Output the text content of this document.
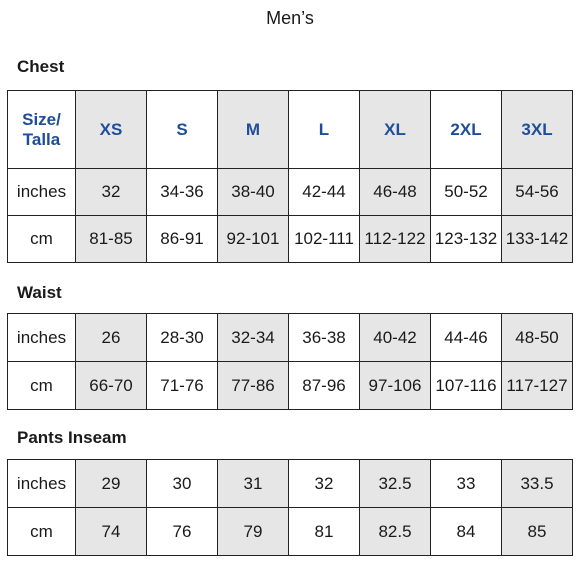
Men’s
Chest
Size/
Talla	XS	S	M	L	XL	2XL	3XL
inches	32	34-36	38-40	42-44	46-48	50-52	54-56
cm	81-85	86-91	92-101	102-111	112-122	123-132	133-142
Waist
inches	26	28-30	32-34	36-38	40-42	44-46	48-50
cm	66-70	71-76	77-86	87-96	97-106	107-116	117-127
Pants Inseam
inches	29	30	31	32	32.5	33	33.5
cm	74	76	79	81	82.5	84	85
